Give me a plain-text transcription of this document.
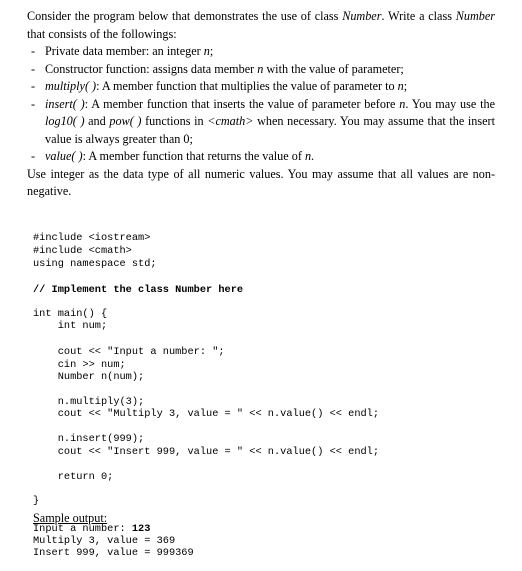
Consider the program below that demonstrates the use of class Number. Write a class Number that consists of the followings:

- Private data member: an integer n;
- Constructor function: assigns data member n with the value of parameter;
- multiply( ): A member function that multiplies the value of parameter to n;
- insert( ): A member function that inserts the value of parameter before n. You may use the log10( ) and pow( ) functions in <cmath> when necessary. You may assume that the insert value is always greater than 0;
- value( ): A member function that returns the value of n.

Use integer as the data type of all numeric values. You may assume that all values are non-negative.

#include <iostream>
#include <cmath>
using namespace std;
// Implement the class Number here
int main() {
int num;
cout << "Input a number: ";
cin >> num;
Number n(num);
n.multiply(3);
cout << "Multiply 3, value = " << n.value() << endl;
n.insert(999);
cout << "Insert 999, value = " << n.value() << endl;
return 0;
}
Sample output:
Input a number: 123
Multiply 3, value = 369
Insert 999, value = 999369
